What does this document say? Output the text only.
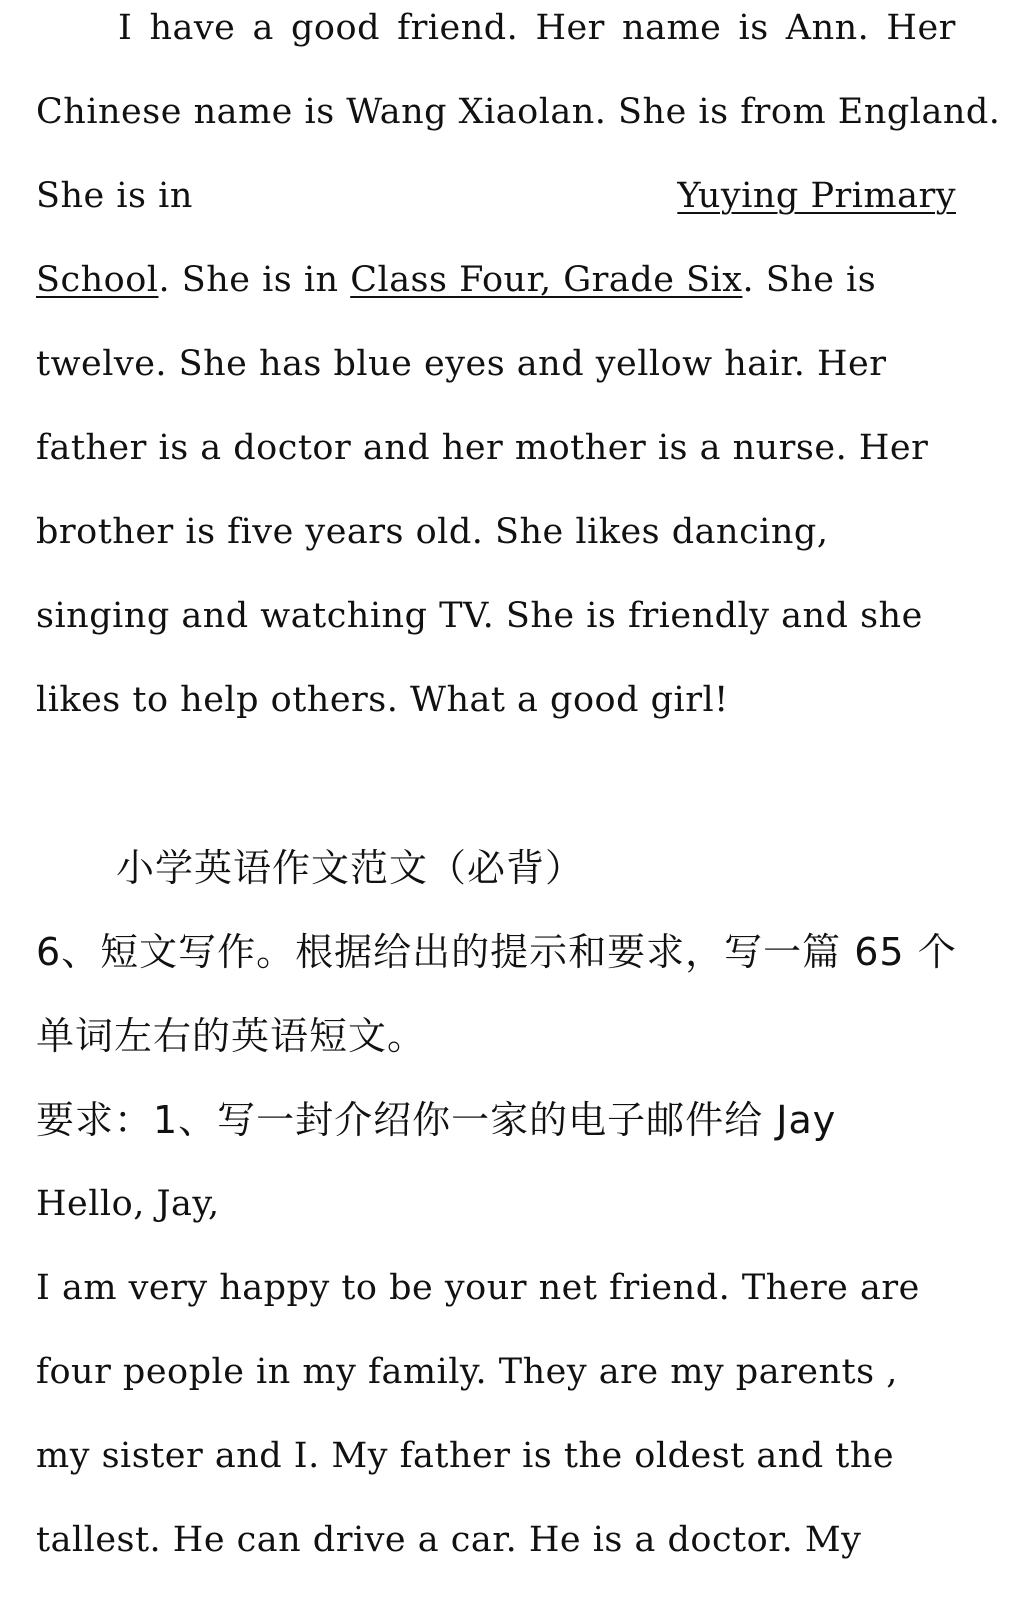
I have a good friend. Her name is Ann. Her
Chinese name is Wang Xiaolan. She is from England.
She is in	Yuying Primary
School. She is in Class Four, Grade Six. She is
twelve. She has blue eyes and yellow hair. Her
father is a doctor and her mother is a nurse. Her
brother is five years old. She likes dancing,
singing and watching TV. She is friendly and she
likes to help others. What a good girl!
小学英语作文范文（必背）
6、短文写作。根据给出的提示和要求，写一篇 65 个
单词左右的英语短文。
要求：1、写一封介绍你一家的电子邮件给 Jay
Hello, Jay,
I am very happy to be your net friend. There are
four people in my family. They are my parents ,
my sister and I. My father is the oldest and the
tallest. He can drive a car. He is a doctor. My
